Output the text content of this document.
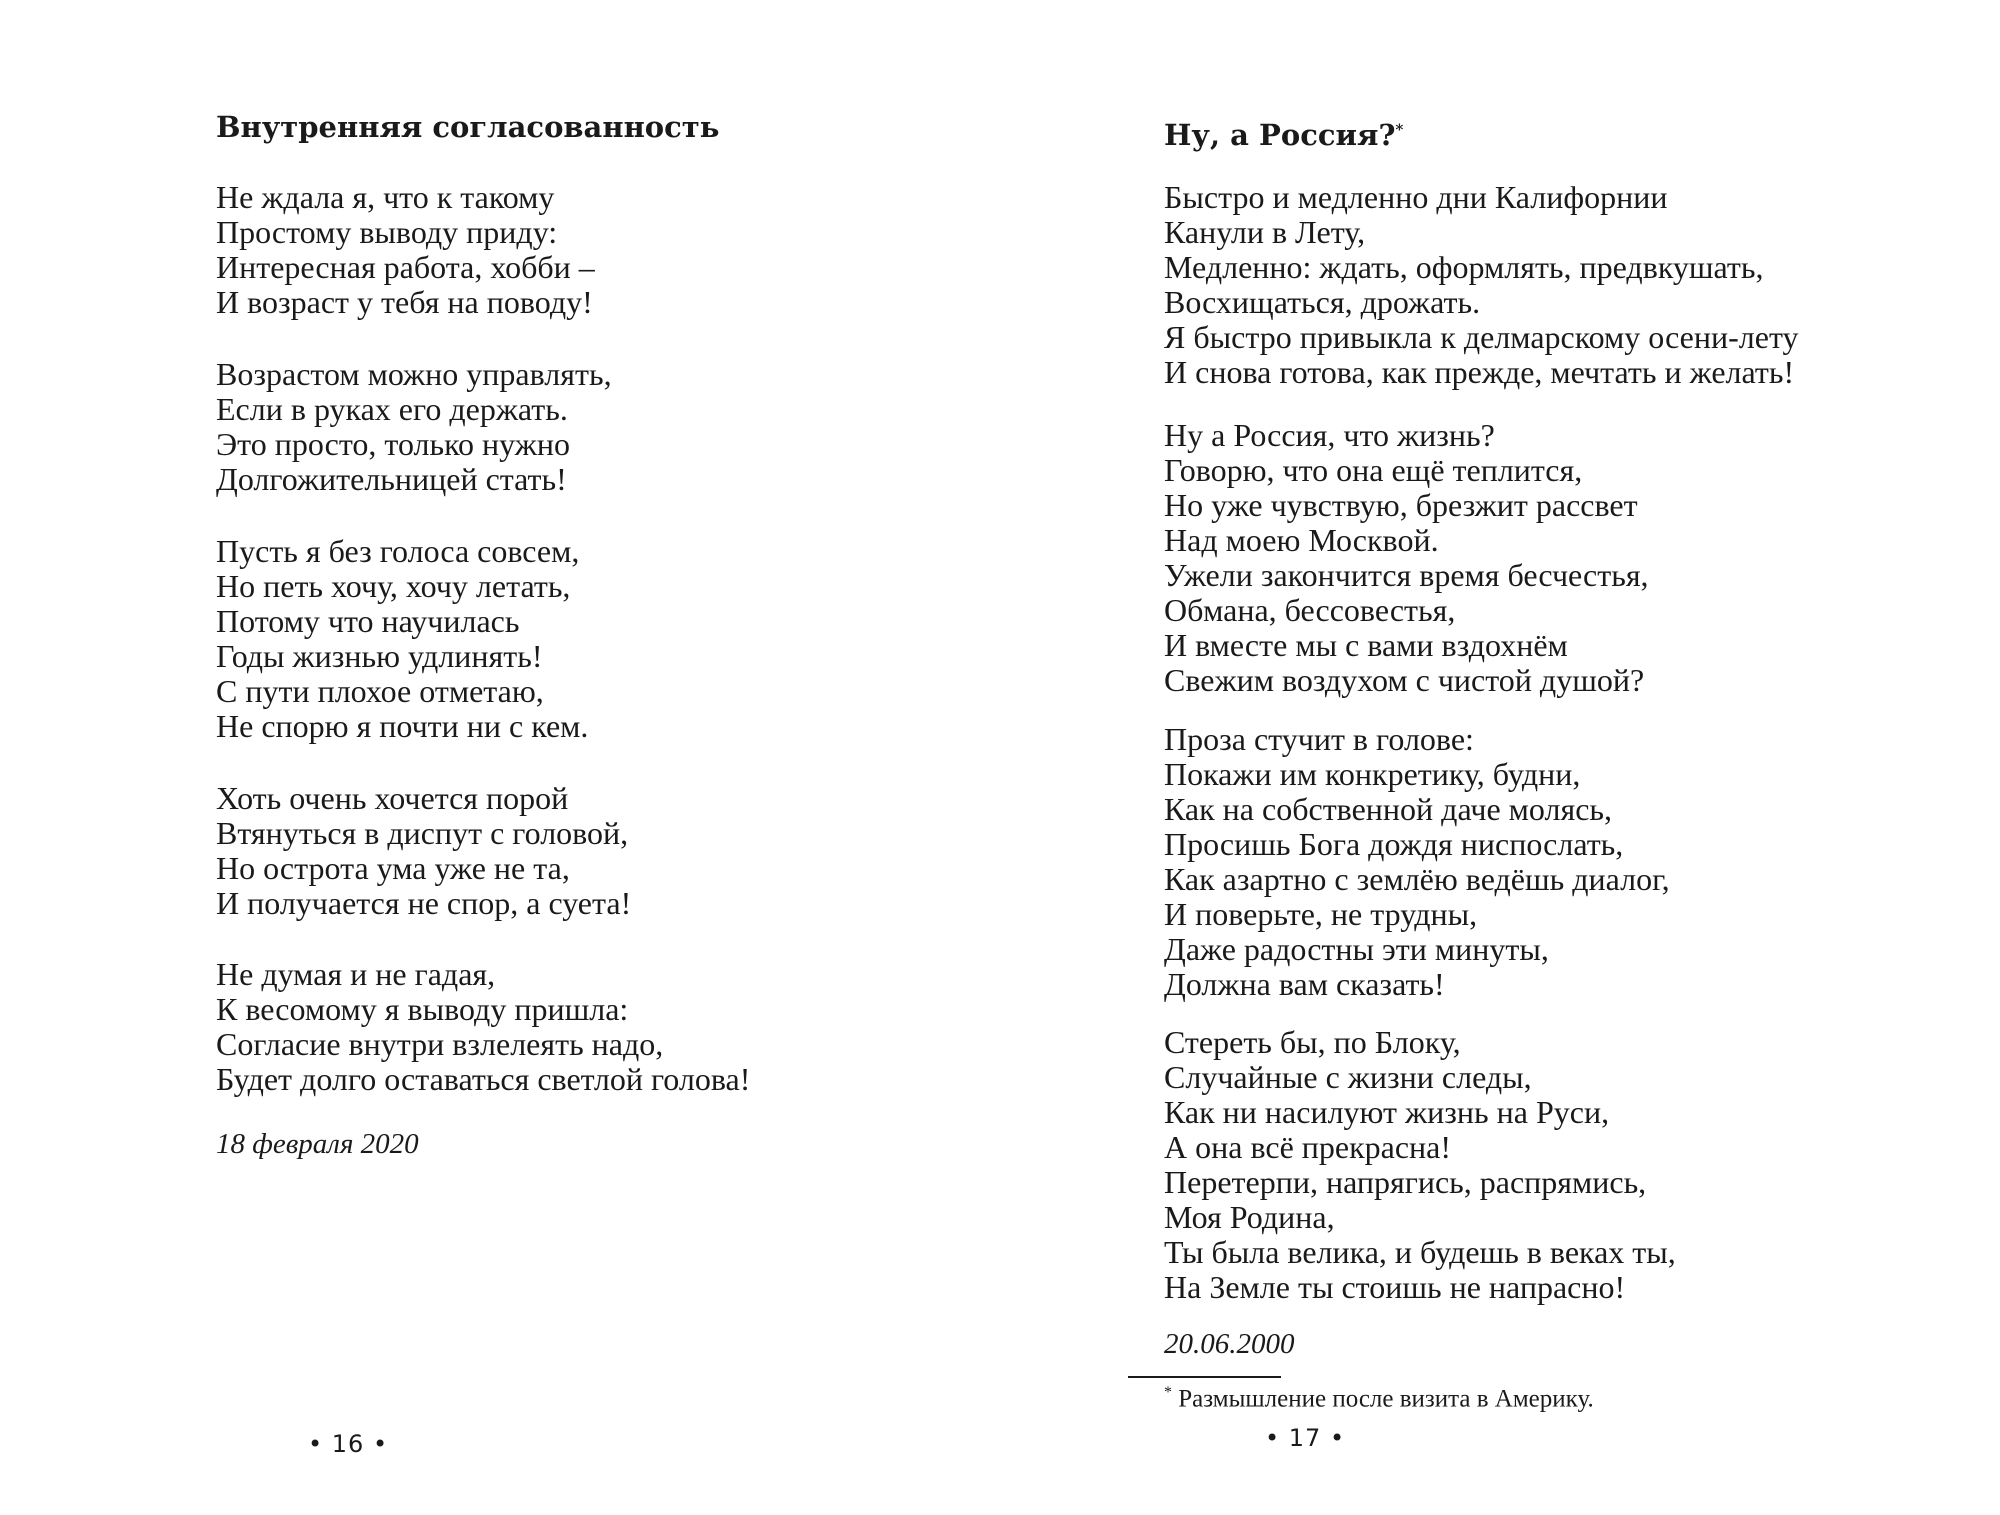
Внутренняя согласованность

Не ждала я, что к такому
Простому выводу приду:
Интересная работа, хобби –
И возраст у тебя на поводу!

Возрастом можно управлять,
Если в руках его держать.
Это просто, только нужно
Долгожительницей стать!

Пусть я без голоса совсем,
Но петь хочу, хочу летать,
Потому что научилась
Годы жизнью удлинять!
С пути плохое отметаю,
Не спорю я почти ни с кем.

Хоть очень хочется порой
Втянуться в диспут с головой,
Но острота ума уже не та,
И получается не спор, а суета!

Не думая и не гадая,
К весомому я выводу пришла:
Согласие внутри взлелеять надо,
Будет долго оставаться светлой голова!

18 февраля 2020
• 16 •
Ну, а Россия?*

Быстро и медленно дни Калифорнии
Канули в Лету,
Медленно: ждать, оформлять, предвкушать,
Восхищаться, дрожать.
Я быстро привыкла к делмарскому осени-лету
И снова готова, как прежде, мечтать и желать!

Ну а Россия, что жизнь?
Говорю, что она ещё теплится,
Но уже чувствую, брезжит рассвет
Над моею Москвой.
Ужели закончится время бесчестья,
Обмана, бессовестья,
И вместе мы с вами вздохнём
Свежим воздухом с чистой душой?

Проза стучит в голове:
Покажи им конкретику, будни,
Как на собственной даче молясь,
Просишь Бога дождя ниспослать,
Как азартно с землёю ведёшь диалог,
И поверьте, не трудны,
Даже радостны эти минуты,
Должна вам сказать!

Стереть бы, по Блоку,
Случайные с жизни следы,
Как ни насилуют жизнь на Руси,
А она всё прекрасна!
Перетерпи, напрягись, распрямись,
Моя Родина,
Ты была велика, и будешь в веках ты,
На Земле ты стоишь не напрасно!

20.06.2000
* Размышление после визита в Америку.
• 17 •
